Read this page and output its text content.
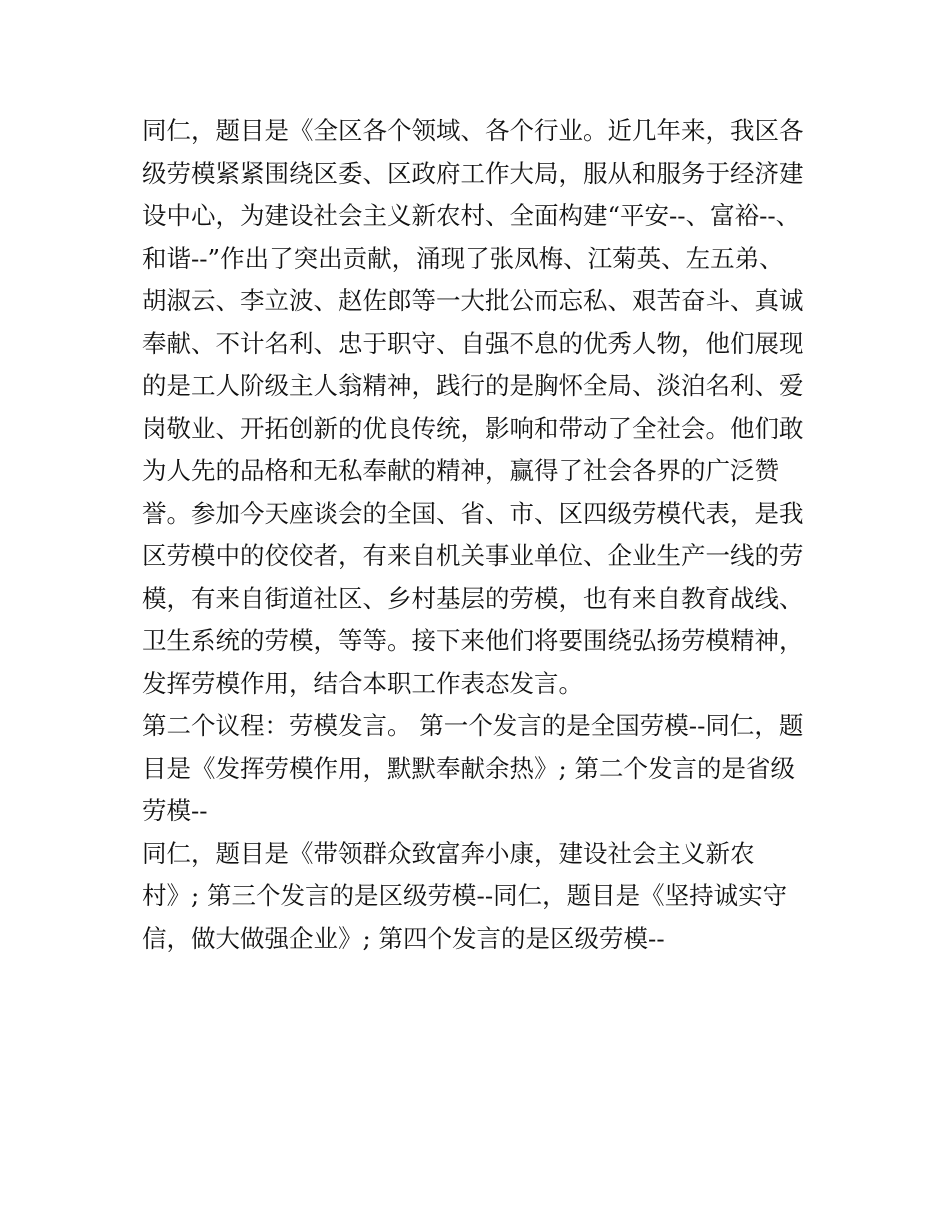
同仁，题目是《全区各个领域、各个行业。近几年来，我区各
级劳模紧紧围绕区委、区政府工作大局，服从和服务于经济建
设中心，为建设社会主义新农村、全面构建“平安--、富裕--、
和谐--”作出了突出贡献，涌现了张凤梅、江菊英、左五弟、
胡淑云、李立波、赵佐郎等一大批公而忘私、艰苦奋斗、真诚
奉献、不计名利、忠于职守、自强不息的优秀人物，他们展现
的是工人阶级主人翁精神，践行的是胸怀全局、淡泊名利、爱
岗敬业、开拓创新的优良传统，影响和带动了全社会。他们敢
为人先的品格和无私奉献的精神，赢得了社会各界的广泛赞
誉。参加今天座谈会的全国、省、市、区四级劳模代表，是我
区劳模中的佼佼者，有来自机关事业单位、企业生产一线的劳
模，有来自街道社区、乡村基层的劳模，也有来自教育战线、
卫生系统的劳模，等等。接下来他们将要围绕弘扬劳模精神，
发挥劳模作用，结合本职工作表态发言。
第二个议程：劳模发言。 第一个发言的是全国劳模--同仁，题
目是《发挥劳模作用，默默奉献余热》; 第二个发言的是省级
劳模--
同仁，题目是《带领群众致富奔小康，建设社会主义新农
村》; 第三个发言的是区级劳模--同仁，题目是《坚持诚实守
信，做大做强企业》; 第四个发言的是区级劳模--
